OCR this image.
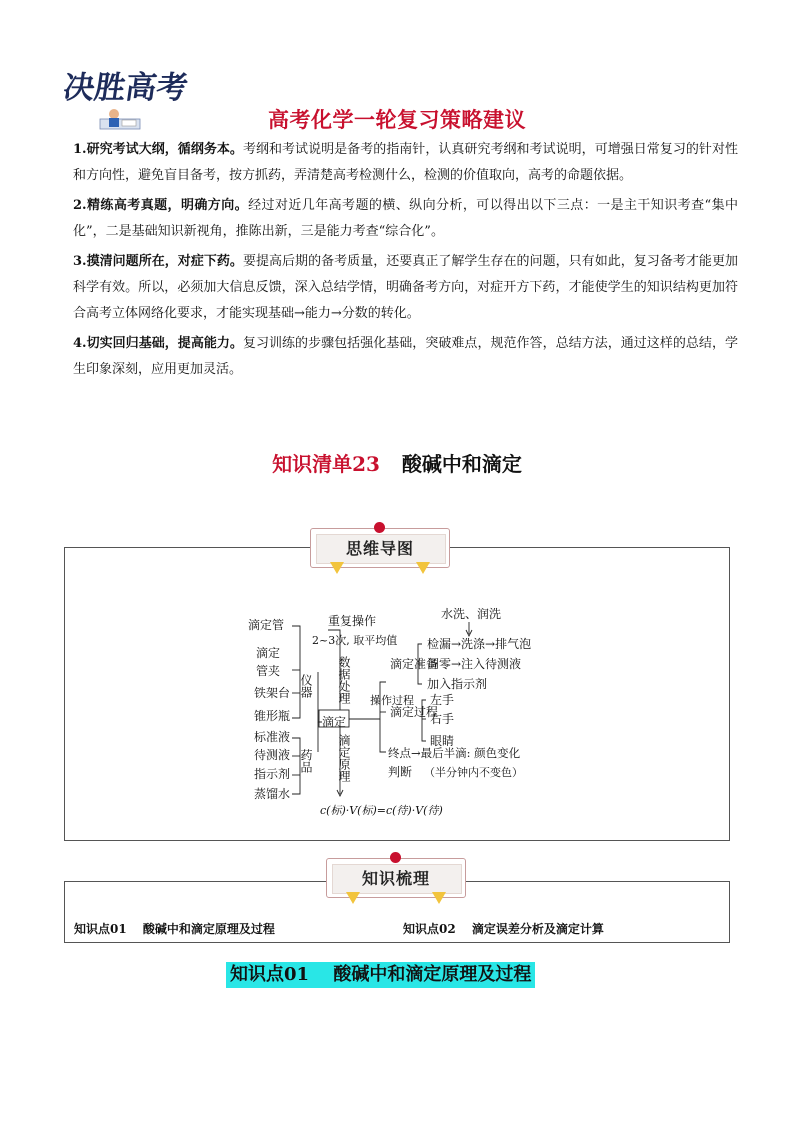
决胜高考
高考化学一轮复习策略建议

1.研究考试大纲，循纲务本。考纲和考试说明是备考的指南针，认真研究考纲和考试说明，可增强日常复习的针对性和方向性，避免盲目备考，按方抓药，弄清楚高考检测什么，检测的价值取向，高考的命题依据。

2.精练高考真题，明确方向。经过对近几年高考题的横、纵向分析，可以得出以下三点：一是主干知识考查“集中化”，二是基础知识新视角，推陈出新，三是能力考查“综合化”。

3.摸清问题所在，对症下药。要提高后期的备考质量，还要真正了解学生存在的问题，只有如此，复习备考才能更加科学有效。所以，必须加大信息反馈，深入总结学情，明确备考方向，对症开方下药，才能使学生的知识结构更加符合高考立体网络化要求，才能实现基础→能力→分数的转化。

4.切实回归基础，提高能力。复习训练的步骤包括强化基础，突破难点，规范作答，总结方法，通过这样的总结，学生印象深刻，应用更加灵活。

知识清单23 酸碱中和滴定
思维导图
滴定管
滴定
管夹
铁架台
锥形瓶
标准液
待测液
指示剂
蒸馏水
仪器
药品
滴定
重复操作
2~3次, 取平均值
数据处理
滴定原理
操作过程
滴定准备
水洗、润洗
检漏→洗涤→排气泡
调零→注入待测液
加入指示剂
滴定过程
左手
右手
眼睛
终点→最后半滴: 颜色变化
判断 （半分钟内不变色）
c(标)·V(标)=c(待)·V(待)
知识梳理
知识点01　 酸碱中和滴定原理及过程	知识点02　 滴定误差分析及滴定计算
知识点01　 酸碱中和滴定原理及过程
